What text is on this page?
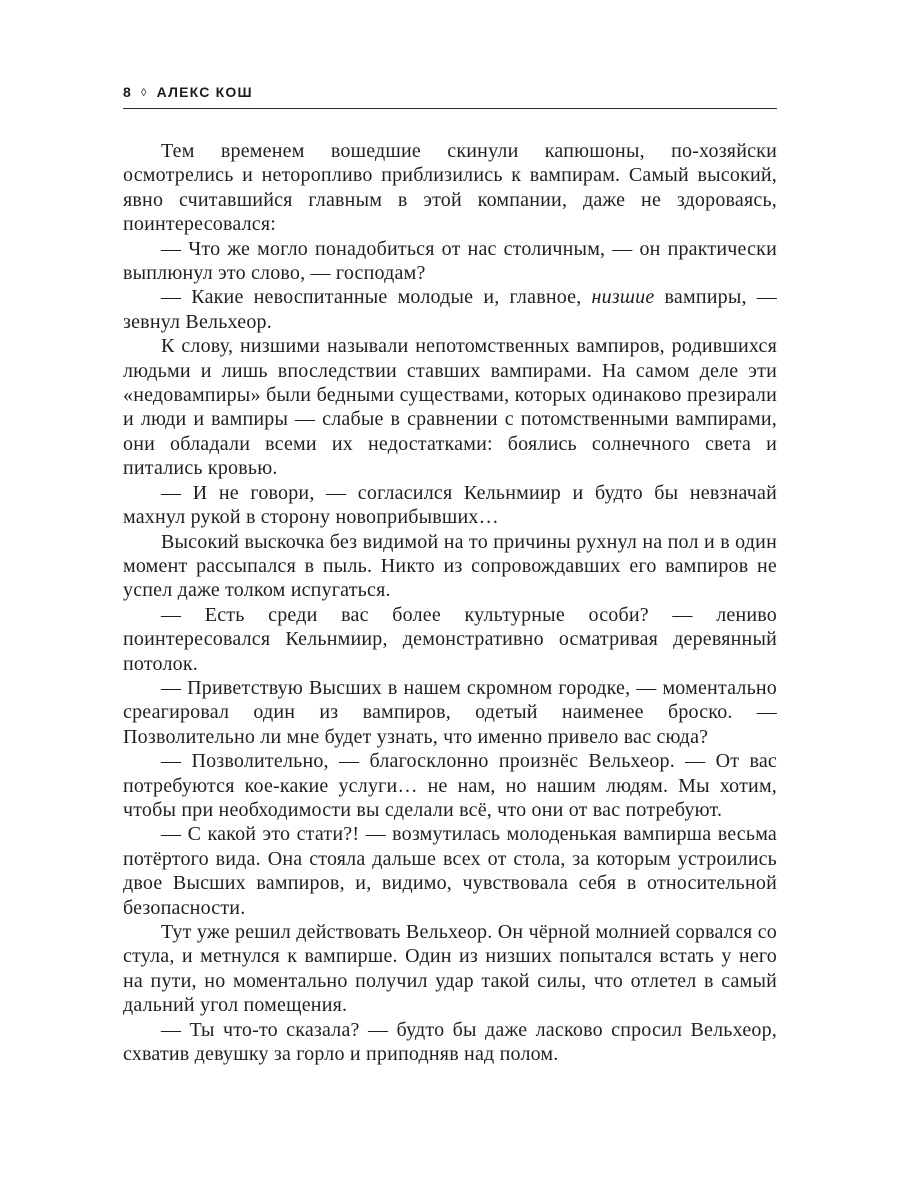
8 ◊ АЛЕКС КОШ

Тем временем вошедшие скинули капюшоны, по-хозяйски осмотрелись и неторопливо приблизились к вампирам. Самый высокий, явно считавшийся главным в этой компании, даже не здороваясь, поинтересовался:

— Что же могло понадобиться от нас столичным, — он практически выплюнул это слово, — господам?

— Какие невоспитанные молодые и, главное, низшие вампиры, — зевнул Вельхеор.

К слову, низшими называли непотомственных вампиров, родившихся людьми и лишь впоследствии ставших вампирами. На самом деле эти «недовампиры» были бедными существами, которых одинаково презирали и люди и вампиры — слабые в сравнении с потомственными вампирами, они обладали всеми их недостатками: боялись солнечного света и питались кровью.

— И не говори, — согласился Кельнмиир и будто бы невзначай махнул рукой в сторону новоприбывших…

Высокий выскочка без видимой на то причины рухнул на пол и в один момент рассыпался в пыль. Никто из сопровождавших его вампиров не успел даже толком испугаться.

— Есть среди вас более культурные особи? — лениво поинтересовался Кельнмиир, демонстративно осматривая деревянный потолок.

— Приветствую Высших в нашем скромном городке, — моментально среагировал один из вампиров, одетый наименее броско. — Позволительно ли мне будет узнать, что именно привело вас сюда?

— Позволительно, — благосклонно произнёс Вельхеор. — От вас потребуются кое-какие услуги… не нам, но нашим людям. Мы хотим, чтобы при необходимости вы сделали всё, что они от вас потребуют.

— С какой это стати?! — возмутилась молоденькая вампирша весьма потёртого вида. Она стояла дальше всех от стола, за которым устроились двое Высших вампиров, и, видимо, чувствовала себя в относительной безопасности.

Тут уже решил действовать Вельхеор. Он чёрной молнией сорвался со стула, и метнулся к вампирше. Один из низших попытался встать у него на пути, но моментально получил удар такой силы, что отлетел в самый дальний угол помещения.

— Ты что-то сказала? — будто бы даже ласково спросил Вельхеор, схватив девушку за горло и приподняв над полом.
